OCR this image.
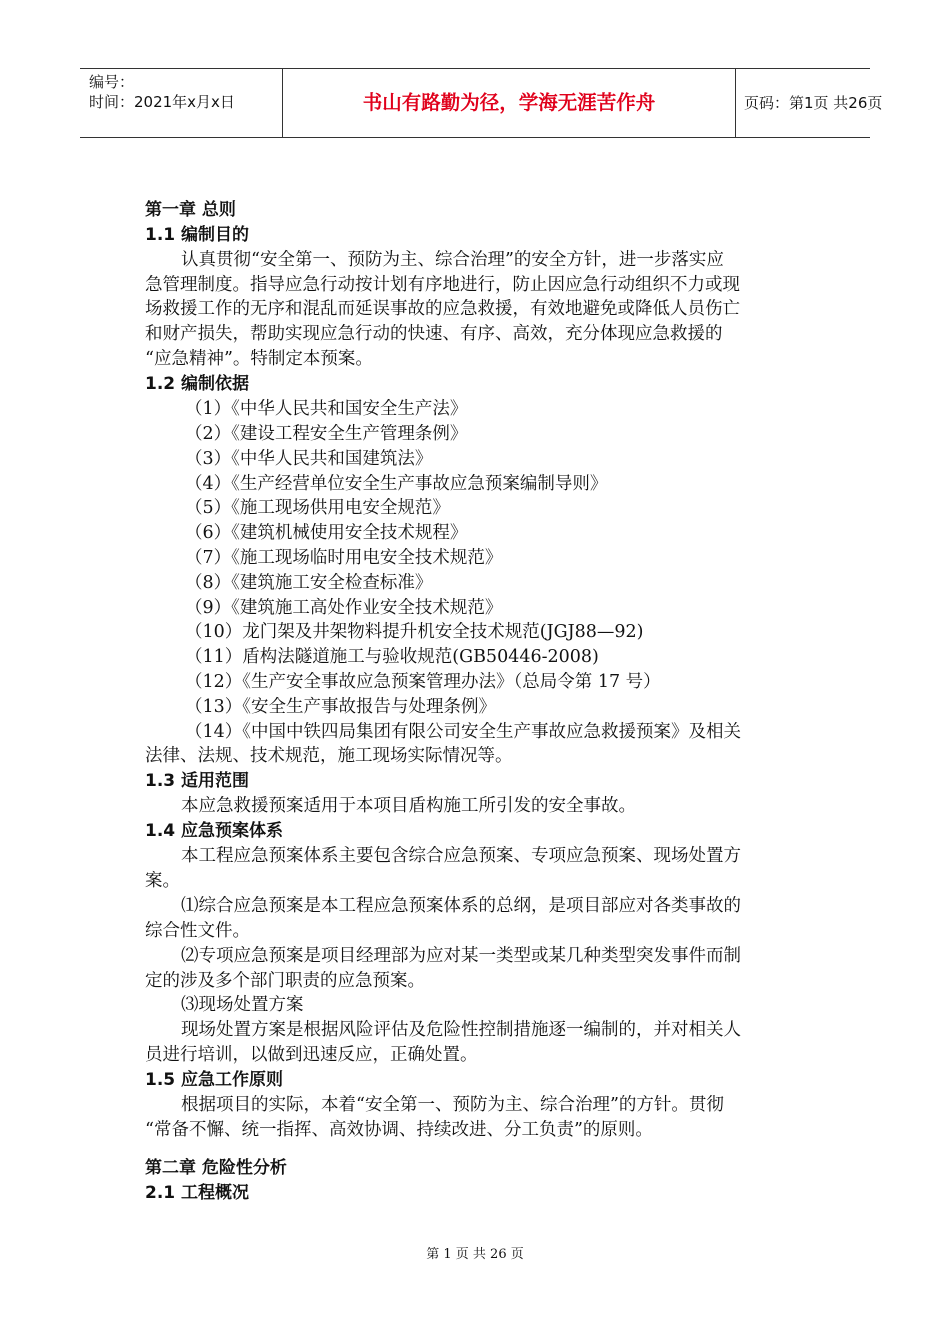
编号：
时间：2021年x月x日	书山有路勤为径，学海无涯苦作舟	页码：第1页 共26页
第一章 总则
1.1 编制目的
认真贯彻“安全第一、预防为主、综合治理”的安全方针，进一步落实应
急管理制度。指导应急行动按计划有序地进行，防止因应急行动组织不力或现
场救援工作的无序和混乱而延误事故的应急救援，有效地避免或降低人员伤亡
和财产损失，帮助实现应急行动的快速、有序、高效，充分体现应急救援的
“应急精神”。特制定本预案。
1.2 编制依据
（1）《中华人民共和国安全生产法》
（2）《建设工程安全生产管理条例》
（3）《中华人民共和国建筑法》
（4）《生产经营单位安全生产事故应急预案编制导则》
（5）《施工现场供用电安全规范》
（6）《建筑机械使用安全技术规程》
（7）《施工现场临时用电安全技术规范》
（8）《建筑施工安全检查标准》
（9）《建筑施工高处作业安全技术规范》
（10）龙门架及井架物料提升机安全技术规范(JGJ88—92)
（11）盾构法隧道施工与验收规范(GB50446-2008)
（12）《生产安全事故应急预案管理办法》（总局令第 17 号）
（13）《安全生产事故报告与处理条例》
（14）《中国中铁四局集团有限公司安全生产事故应急救援预案》及相关
法律、法规、技术规范，施工现场实际情况等。
1.3 适用范围
本应急救援预案适用于本项目盾构施工所引发的安全事故。
1.4 应急预案体系
本工程应急预案体系主要包含综合应急预案、专项应急预案、现场处置方
案。
⑴综合应急预案是本工程应急预案体系的总纲，是项目部应对各类事故的
综合性文件。
⑵专项应急预案是项目经理部为应对某一类型或某几种类型突发事件而制
定的涉及多个部门职责的应急预案。
⑶现场处置方案
现场处置方案是根据风险评估及危险性控制措施逐一编制的，并对相关人
员进行培训，以做到迅速反应，正确处置。
1.5 应急工作原则
根据项目的实际，本着“安全第一、预防为主、综合治理”的方针。贯彻
“常备不懈、统一指挥、高效协调、持续改进、分工负责”的原则。
第二章 危险性分析
2.1 工程概况
第 1 页 共 26 页
